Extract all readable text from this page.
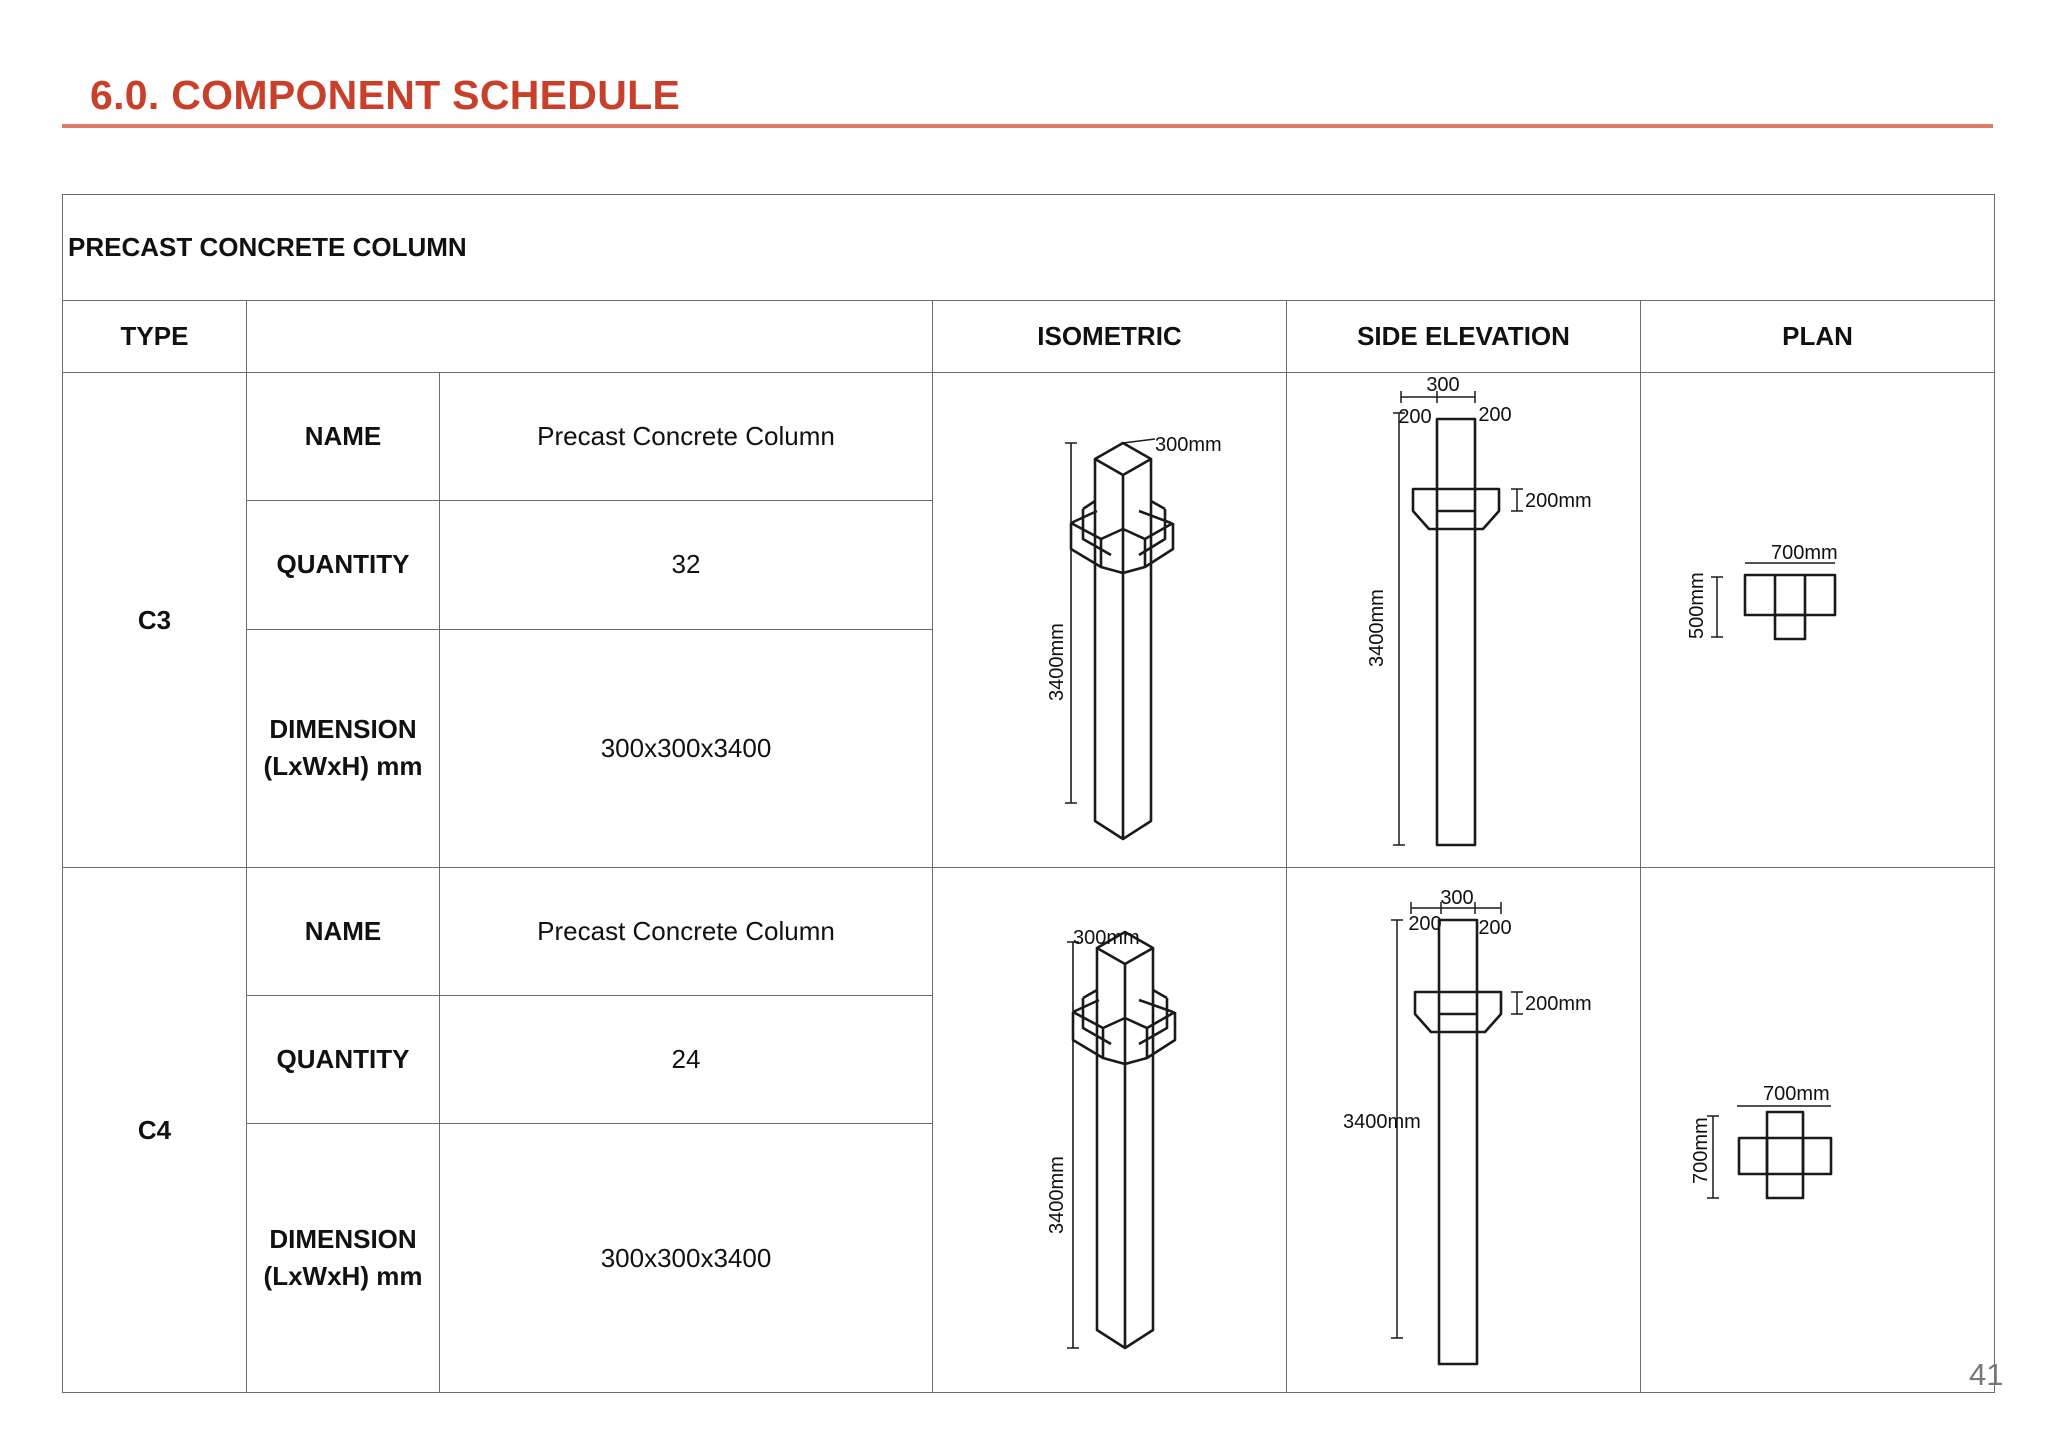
6.0. COMPONENT SCHEDULE
PRECAST CONCRETE COLUMN					
TYPE			ISOMETRIC	SIDE ELEVATION	PLAN
C3	NAME	Precast Concrete Column	300mm
3400mm	300
200 200
200mm
3400mm	700mm
500mm

	QUANTITY	32			

	DIMENSION
(LxWxH) mm	300x300x3400			
C4	NAME	Precast Concrete Column	300mm
3400mm	300
200 200
200mm
3400mm	700mm
700mm

	QUANTITY	24			

	DIMENSION
(LxWxH) mm	300x300x3400			
41
